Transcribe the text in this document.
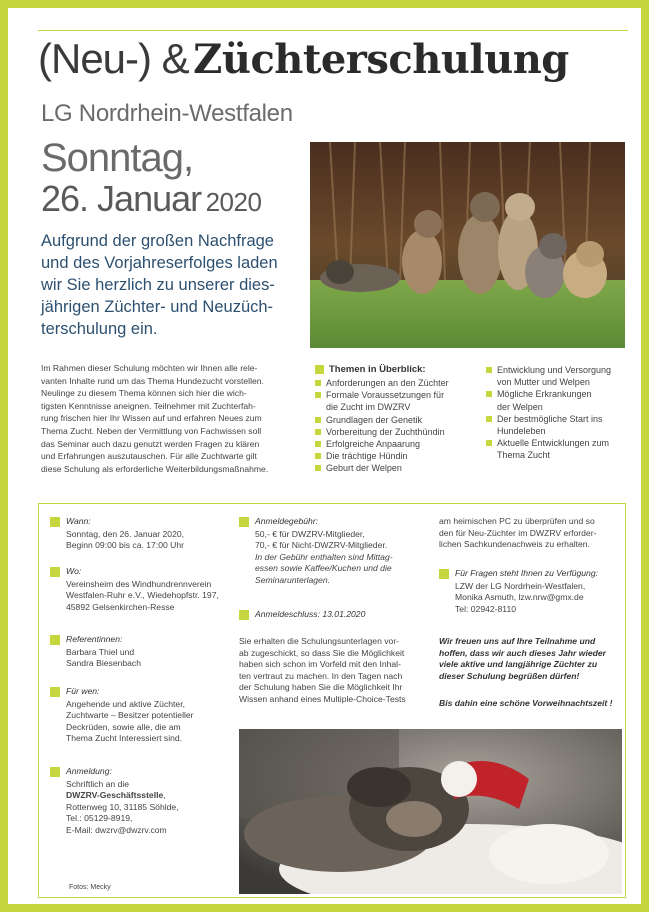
(Neu-) & Züchterschulung
LG Nordrhein-Westfalen
Sonntag,
26. Januar 2020
Aufgrund der großen Nachfrage
und des Vorjahreserfolges laden
wir Sie herzlich zu unserer dies-
jährigen Züchter- und Neuzüch-
terschulung ein.
Im Rahmen dieser Schulung möchten wir Ihnen alle rele-
vanten Inhalte rund um das Thema Hundezucht vorstellen.
Neulinge zu diesem Thema können sich hier die wich-
tigsten Kenntnisse aneignen. Teilnehmer mit Zuchterfah-
rung frischen hier Ihr Wissen auf und erfahren Neues zum
Thema Zucht. Neben der Vermittlung von Fachwissen soll
das Seminar auch dazu genutzt werden Fragen zu klären
und Erfahrungen auszutauschen. Für alle Zuchtwarte gilt
diese Schulung als erforderliche Weiterbildungsmaßnahme.
Themen in Überblick:
Anforderungen an den Züchter
Formale Voraussetzungen für
die Zucht im DWZRV
Grundlagen der Genetik
Vorbereitung der Zuchthündin
Erfolgreiche Anpaarung
Die trächtige Hündin
Geburt der Welpen
Entwicklung und Versorgung
von Mutter und Welpen
Mögliche Erkrankungen
der Welpen
Der bestmögliche Start ins
Hundeleben
Aktuelle Entwicklungen zum
Thema Zucht
Wann:
Sonntag, den 26. Januar 2020,
Beginn 09:00 bis ca. 17:00 Uhr
Wo:
Vereinsheim des Windhundrennverein
Westfalen-Ruhr e.V., Wiedehopfstr. 197,
45892 Gelsenkirchen-Resse
Referentinnen:
Barbara Thiel und
Sandra Biesenbach
Für wen:
Angehende und aktive Züchter,
Zuchtwarte – Besitzer potentieller
Deckrüden, sowie alle, die am
Thema Zucht Interessiert sind.
Anmeldung:
Schriftlich an die
DWZRV-Geschäftsstelle,
Rottenweg 10, 31185 Söhlde,
Tel.: 05129-8919,
E-Mail: dwzrv@dwzrv.com
Anmeldegebühr:
50,- € für DWZRV-Mitglieder,
70,- € für Nicht-DWZRV-Mitglieder.
In der Gebühr enthalten sind Mittag-
essen sowie Kaffee/Kuchen und die
Seminarunterlagen.
Anmeldeschluss: 13.01.2020
Sie erhalten die Schulungsunterlagen vor-
ab zugeschickt, so dass Sie die Möglichkeit
haben sich schon im Vorfeld mit den Inhal-
ten vertraut zu machen. In den Tagen nach
der Schulung haben Sie die Möglichkeit Ihr
Wissen anhand eines Multiple-Choice-Tests
am heimischen PC zu überprüfen und so
den für Neu-Züchter im DWZRV erforder-
lichen Sachkundenachweis zu erhalten.
Für Fragen steht Ihnen zu Verfügung:
LZW der LG Nordrhein-Westfalen,
Monika Asmuth, lzw.nrw@gmx.de
Tel: 02942-8110
Wir freuen uns auf Ihre Teilnahme und
hoffen, dass wir auch dieses Jahr wieder
viele aktive und langjährige Züchter zu
dieser Schulung begrüßen dürfen!
Bis dahin eine schöne Vorweihnachtszeit !
Fotos: Mecky
